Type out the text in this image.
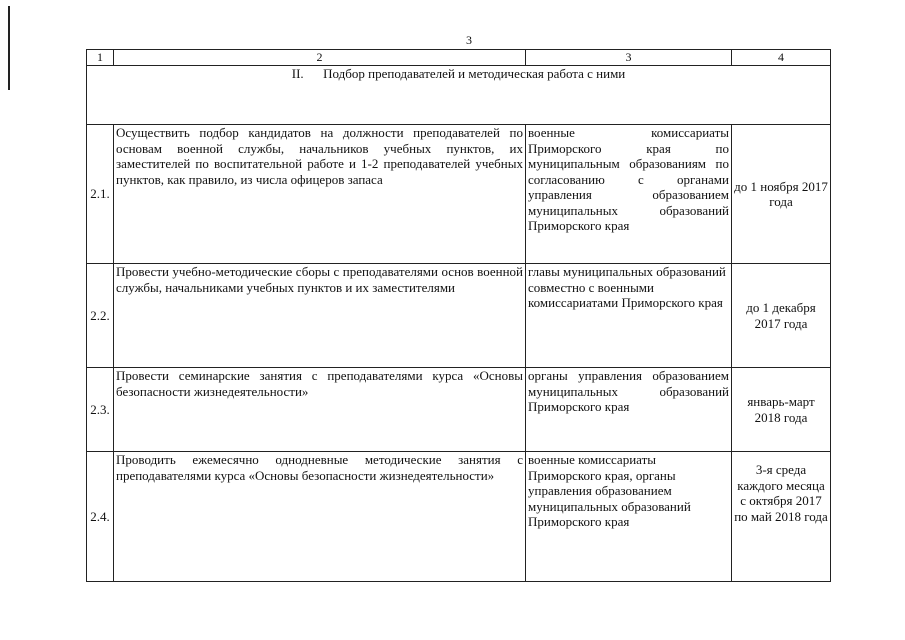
3
1	2	3	4
II.      Подбор преподавателей и методическая работа с ними			
2.1.	Осуществить подбор кандидатов на должности преподавателей по основам военной службы, начальников учебных пунктов, их заместителей по воспитательной работе и 1-2 преподавателей учебных пунктов, как правило, из числа офицеров запаса	военные комиссариаты Приморского края по муниципальным образованиям по согласованию с органами управления образованием муниципальных образований Приморского края	до 1 ноября 2017 года
2.2.	Провести учебно-методические сборы с преподавателями основ военной службы, начальниками учебных пунктов и их заместителями	главы муниципальных образований совместно с военными комиссариатами Приморского края	до 1 декабря 2017 года
2.3.	Провести семинарские занятия с преподавателями курса «Основы безопасности жизнедеятельности»	органы управления образованием муниципальных образований Приморского края	январь-март 2018 года
2.4.	Проводить ежемесячно однодневные методические занятия с преподавателями курса «Основы безопасности жизнедеятельности»	военные комиссариаты Приморского края, органы управления образованием муниципальных образований Приморского края	3-я среда каждого месяца с октября 2017 по май 2018 года
